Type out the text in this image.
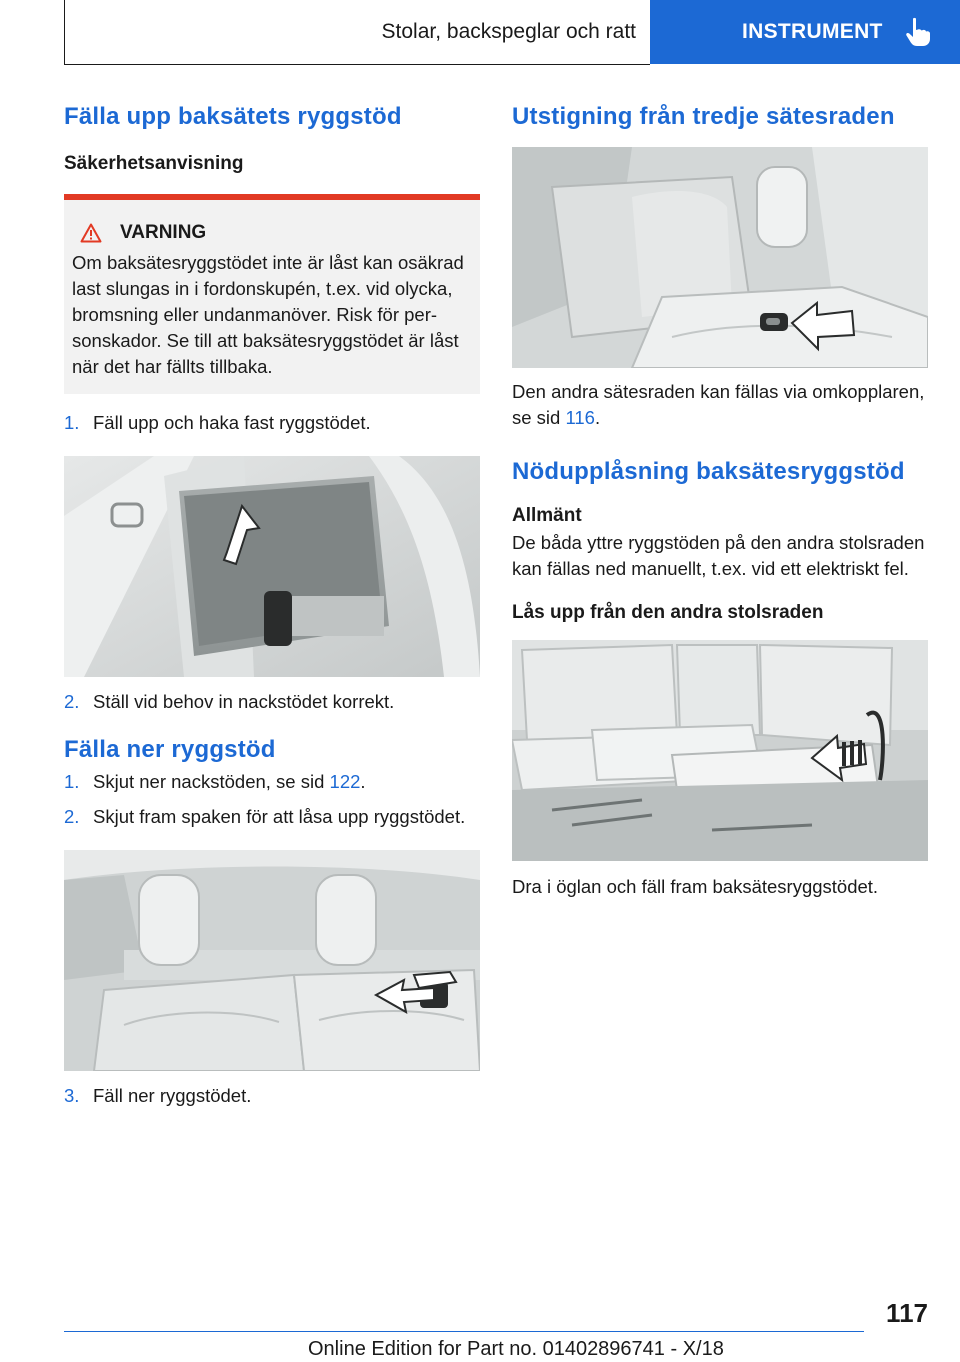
Stolar, backspeglar och ratt	INSTRUMENT
Fälla upp baksätets ryggstöd
Säkerhetsanvisning
VARNING

Om baksätesryggstödet inte är låst kan osäkrad last slungas in i fordonskupén, t.ex. vid olycka, bromsning eller undanmanöver. Risk för personskador. Se till att baksätesryggstödet är låst när det har fällts tillbaka.

1. Fäll upp och haka fast ryggstödet.
2. Ställ vid behov in nackstödet korrekt.
Fälla ner ryggstöd
1. Skjut ner nackstöden, se sid 122.
2. Skjut fram spaken för att låsa upp ryggstödet.
3. Fäll ner ryggstödet.
Utstigning från tredje sätesraden

Den andra sätesraden kan fällas via omkopplaren, se sid 116.

Nödupplåsning baksätesryggstöd
Allmänt

De båda yttre ryggstöden på den andra stolsraden kan fällas ned manuellt, t.ex. vid ett elektriskt fel.

Lås upp från den andra stolsraden

Dra i öglan och fäll fram baksätesryggstödet.

117
Online Edition for Part no. 01402896741 - X/18
